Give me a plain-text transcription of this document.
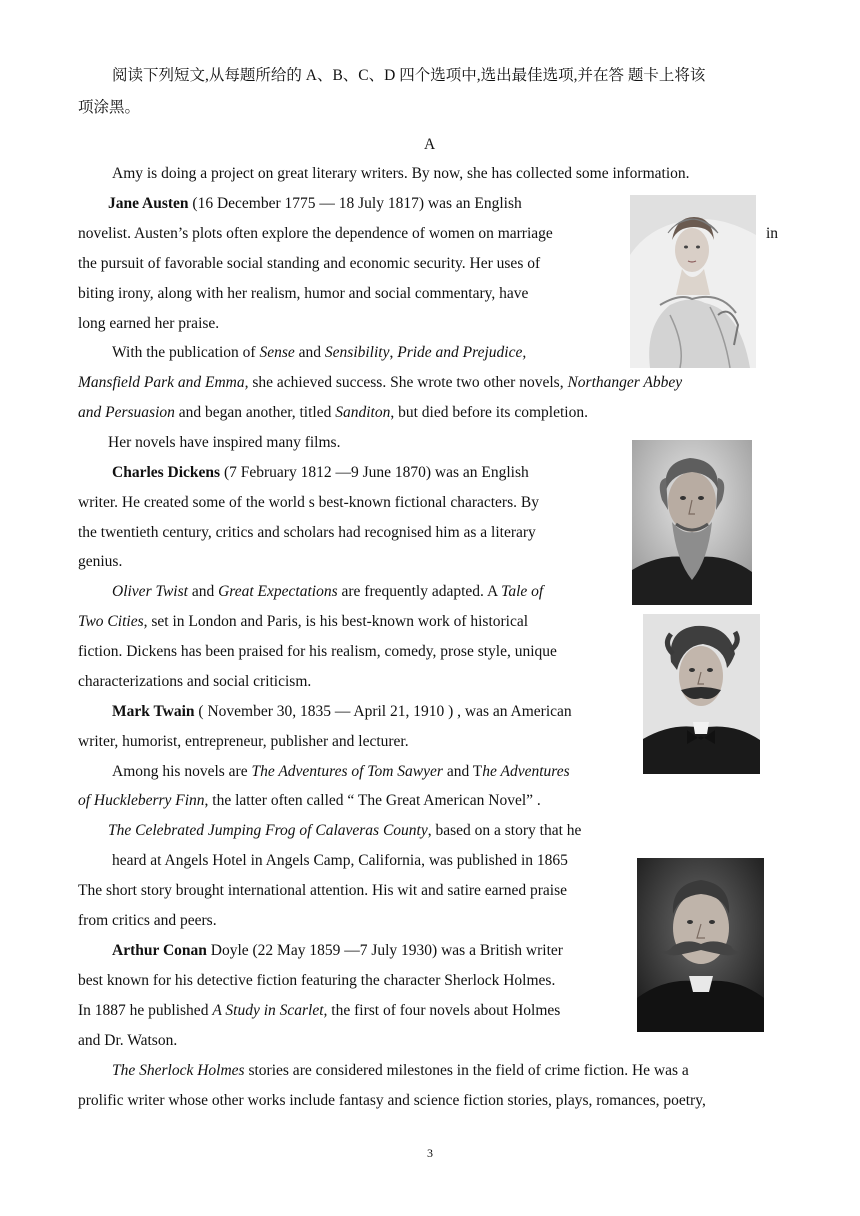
阅读下列短文,从每题所给的 A、B、C、D 四个选项中,选出最佳选项,并在答 题卡上将该
项涂黑。
A
Amy is doing a project on great literary writers. By now, she has collected some information.
Jane Austen (16 December 1775 — 18 July 1817) was an English
novelist. Austen’s plots often explore the dependence of women on marriage	in
the pursuit of favorable social standing and economic security. Her uses of
biting irony, along with her realism, humor and social commentary, have
long earned her praise.
With the publication of Sense and Sensibility, Pride and Prejudice,
Mansfield Park and Emma, she achieved success. She wrote two other novels, Northanger Abbey
and Persuasion and began another, titled Sanditon, but died before its completion.
Her novels have inspired many films.
Charles Dickens (7 February 1812 —9 June 1870) was an English
writer. He created some of the world s best-known fictional characters. By
the twentieth century, critics and scholars had recognised him as a literary
genius.
Oliver Twist and Great Expectations are frequently adapted. A Tale of
Two Cities, set in London and Paris, is his best-known work of historical
fiction. Dickens has been praised for his realism, comedy, prose style, unique
characterizations and social criticism.
Mark Twain ( November 30, 1835 — April 21, 1910 ) , was an American
writer, humorist, entrepreneur, publisher and lecturer.
Among his novels are The Adventures of Tom Sawyer and The Adventures
of Huckleberry Finn, the latter often called “ The Great American Novel” .
The Celebrated Jumping Frog of Calaveras County, based on a story that he
heard at Angels Hotel in Angels Camp, California, was published in 1865
The short story brought international attention. His wit and satire earned praise
from critics and peers.
Arthur Conan Doyle (22 May 1859 —7 July 1930) was a British writer
best known for his detective fiction featuring the character Sherlock Holmes.
In 1887 he published A Study in Scarlet, the first of four novels about Holmes
and Dr. Watson.
The Sherlock Holmes stories are considered milestones in the field of crime fiction. He was a
prolific writer whose other works include fantasy and science fiction stories, plays, romances, poetry,
3
